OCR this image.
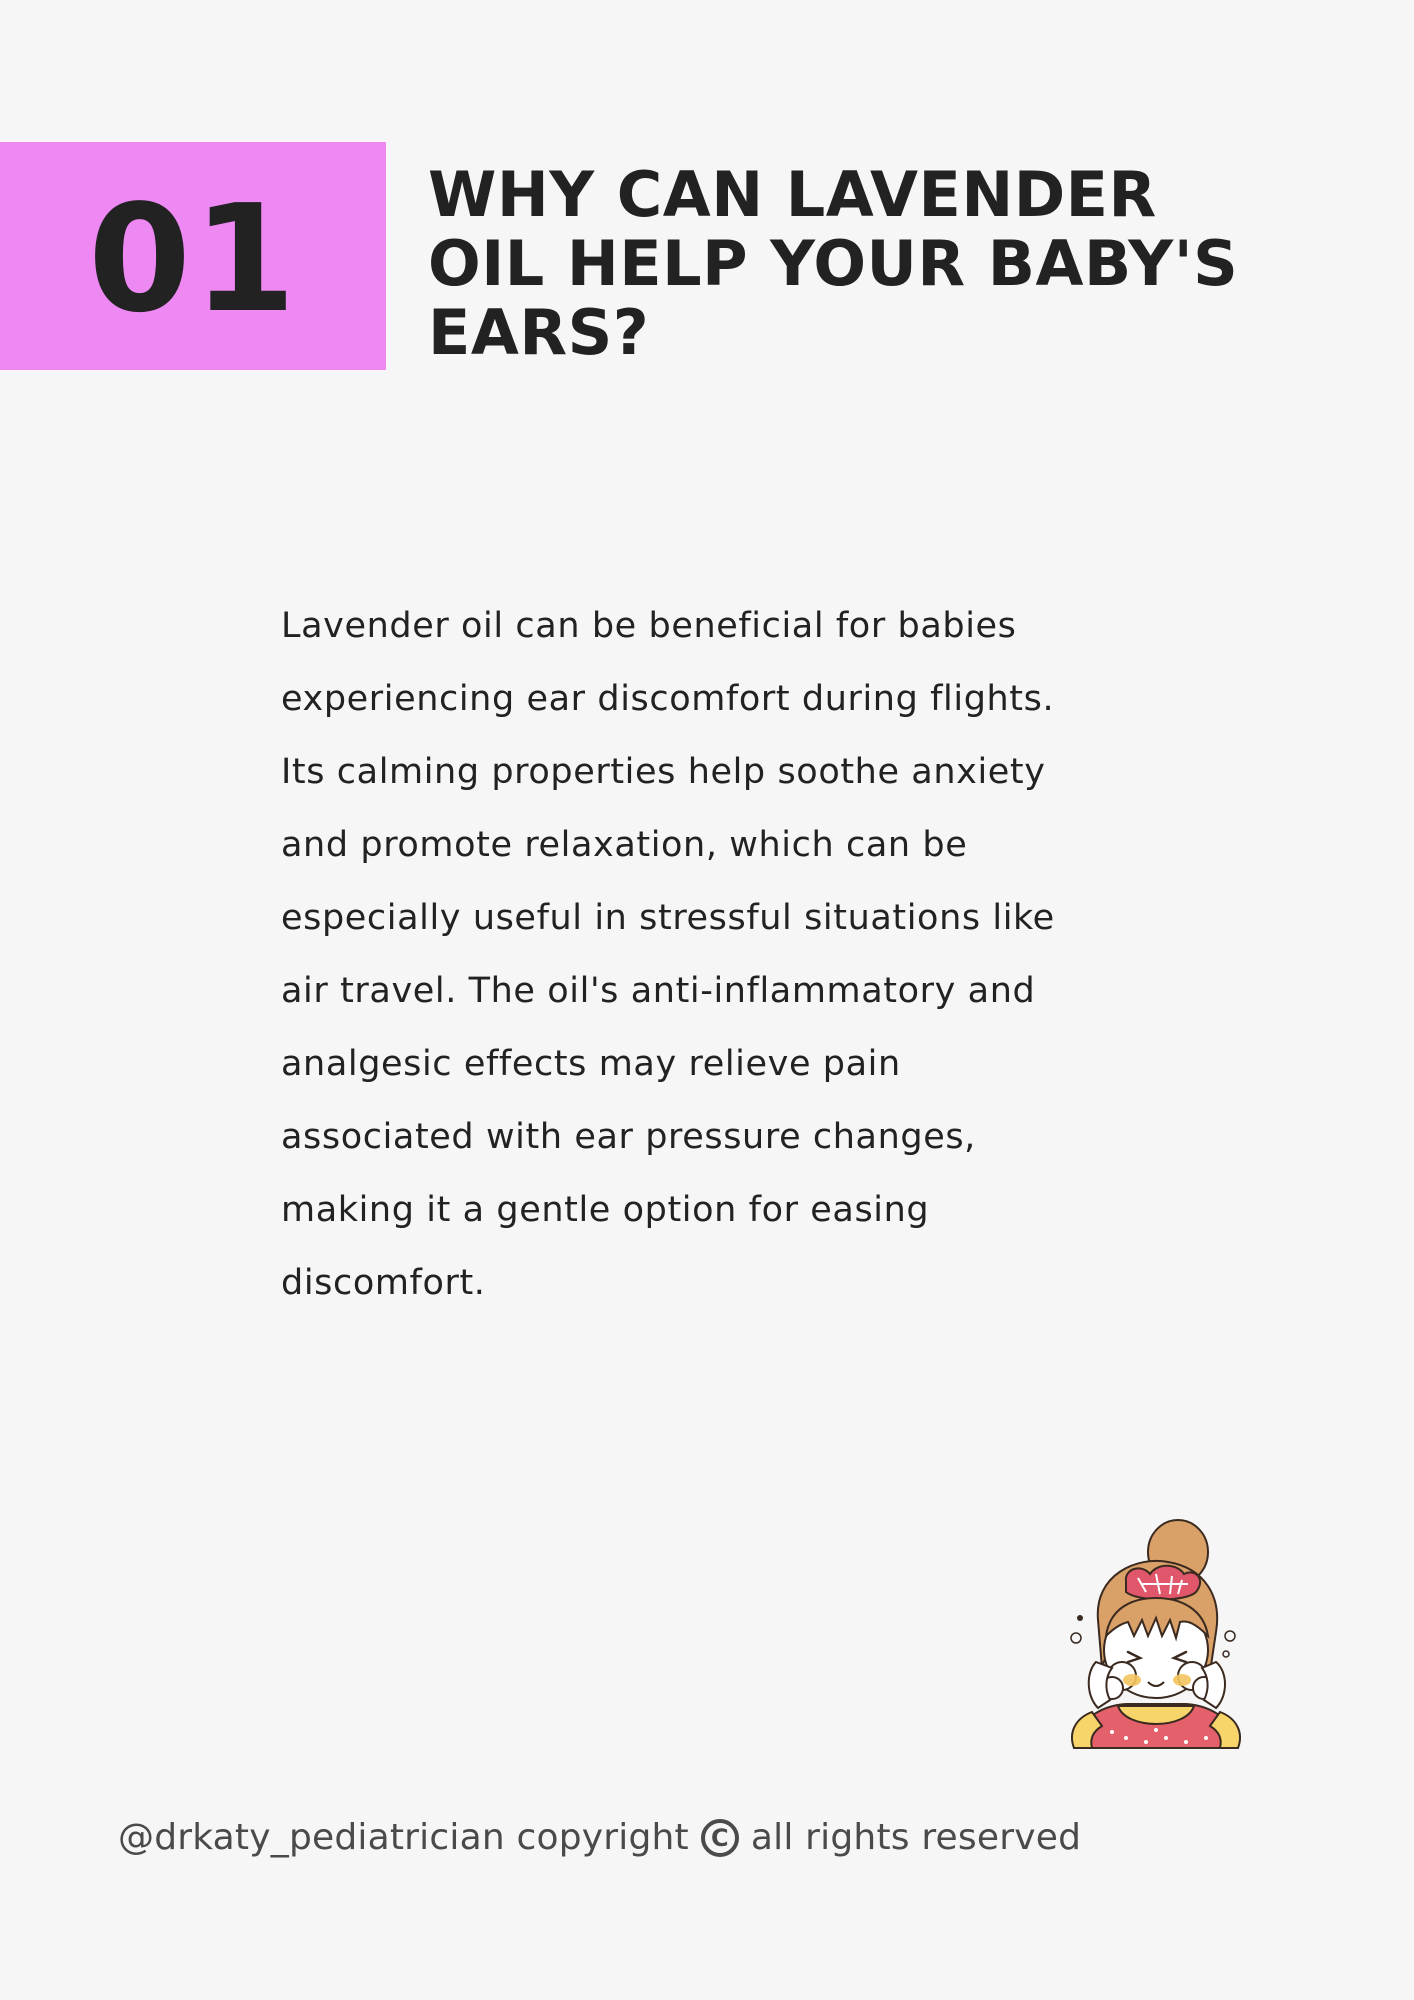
01 WHY CAN LAVENDER
OIL HELP YOUR BABY'S
EARS?

Lavender oil can be beneficial for babies
experiencing ear discomfort during flights.
Its calming properties help soothe anxiety
and promote relaxation, which can be
especially useful in stressful situations like
air travel. The oil's anti-inflammatory and
analgesic effects may relieve pain
associated with ear pressure changes,
making it a gentle option for easing
discomfort.

@drkaty_pediatrician copyright C all rights reserved
